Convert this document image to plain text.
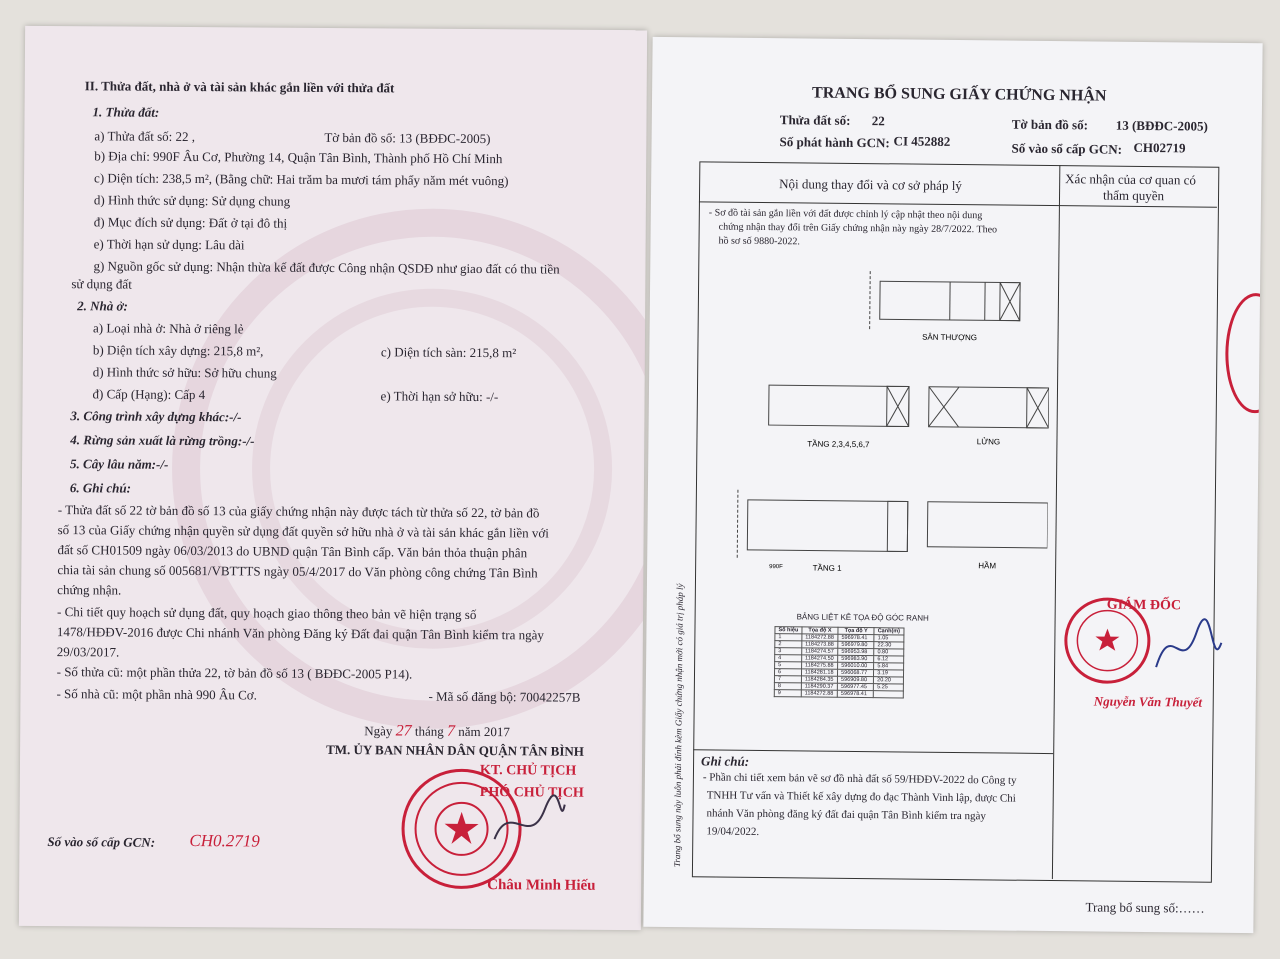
II. Thửa đất, nhà ở và tài sản khác gắn liền với thửa đất
1. Thửa đất:
a) Thửa đất số: 22 ,	Tờ bản đồ số: 13 (BĐĐC-2005)
b) Địa chỉ: 990F Âu Cơ, Phường 14, Quận Tân Bình, Thành phố Hồ Chí Minh
c) Diện tích: 238,5 m², (Bằng chữ: Hai trăm ba mươi tám phẩy năm mét vuông)
d) Hình thức sử dụng: Sử dụng chung
đ) Mục đích sử dụng: Đất ở tại đô thị
e) Thời hạn sử dụng: Lâu dài
g) Nguồn gốc sử dụng: Nhận thừa kế đất được Công nhận QSDĐ như giao đất có thu tiền
sử dụng đất
2. Nhà ở:
a) Loại nhà ở: Nhà ở riêng lẻ
b) Diện tích xây dựng: 215,8 m²,	c) Diện tích sàn: 215,8 m²
d) Hình thức sở hữu: Sở hữu chung
đ) Cấp (Hạng): Cấp 4	e) Thời hạn sở hữu: -/-
3. Công trình xây dựng khác:-/-
4. Rừng sản xuất là rừng trồng:-/-
5. Cây lâu năm:-/-
6. Ghi chú:
- Thửa đất số 22 tờ bản đồ số 13 của giấy chứng nhận này được tách từ thửa số 22, tờ bản đồ
số 13 của Giấy chứng nhận quyền sử dụng đất quyền sở hữu nhà ở và tài sản khác gắn liền với
đất số CH01509 ngày 06/03/2013 do UBND quận Tân Bình cấp. Văn bản thỏa thuận phân
chia tài sản chung số 005681/VBTTTS ngày 05/4/2017 do Văn phòng công chứng Tân Bình
chứng nhận.
- Chi tiết quy hoạch sử dụng đất, quy hoạch giao thông theo bản vẽ hiện trạng số
1478/HĐĐV-2016 được Chi nhánh Văn phòng Đăng ký Đất đai quận Tân Bình kiểm tra ngày
29/03/2017.
- Số thửa cũ: một phần thửa 22, tờ bản đồ số 13 ( BĐĐC-2005 P14).
- Số nhà cũ: một phần nhà 990 Âu Cơ.	- Mã số đăng bộ: 70042257B
Ngày 27 tháng 7 năm 2017
TM. ỦY BAN NHÂN DÂN QUẬN TÂN BÌNH
KT. CHỦ TỊCH
PHÓ CHỦ TỊCH
Châu Minh Hiếu
Số vào sổ cấp GCN: CH0.2719
TRANG BỔ SUNG GIẤY CHỨNG NHẬN
Thửa đất số: 22	Tờ bản đồ số: 13 (BĐĐC-2005)
Số phát hành GCN: CI 452882	Số vào sổ cấp GCN: CH02719
Nội dung thay đổi và cơ sở pháp lý	Xác nhận của cơ quan có
thẩm quyền
- Sơ đồ tài sản gắn liền với đất được chỉnh lý cập nhật theo nội dung
chứng nhận thay đổi trên Giấy chứng nhận này ngày 28/7/2022. Theo
hồ sơ số 9880-2022.
SÂN THƯỢNG
TẦNG 2,3,4,5,6,7	LỬNG
TẦNG 1	HẦM
990F
BẢNG LIỆT KÊ TỌA ĐỘ GÓC RANH
Số hiệu	Tọa độ X	Tọa độ Y	Cạnh(m)
1	1184272.88	596978.41	1.05
2	1184273.88	596979.80	22.30
3	1184274.57	596953.98	0.80
4	1184274.50	596983.90	6.12
5	1184275.88	596010.00	5.84
6	1184281.18	596068.77	3.19
7	1184284.35	596909.80	20.20
8	1184290.37	596977.45	5.25
9	1184272.88	596978.41	
Trang bổ sung này luôn phải đính kèm Giấy chứng nhận mới có giá trị pháp lý	GIÁM ĐỐC
Nguyễn Văn Thuyết
Ghi chú:
- Phần chi tiết xem bản vẽ sơ đồ nhà đất số 59/HĐĐV-2022 do Công ty
TNHH Tư vấn và Thiết kế xây dựng đo đạc Thành Vinh lập, được Chi
nhánh Văn phòng đăng ký đất đai quận Tân Bình kiểm tra ngày
19/04/2022.
Trang bổ sung số:……
